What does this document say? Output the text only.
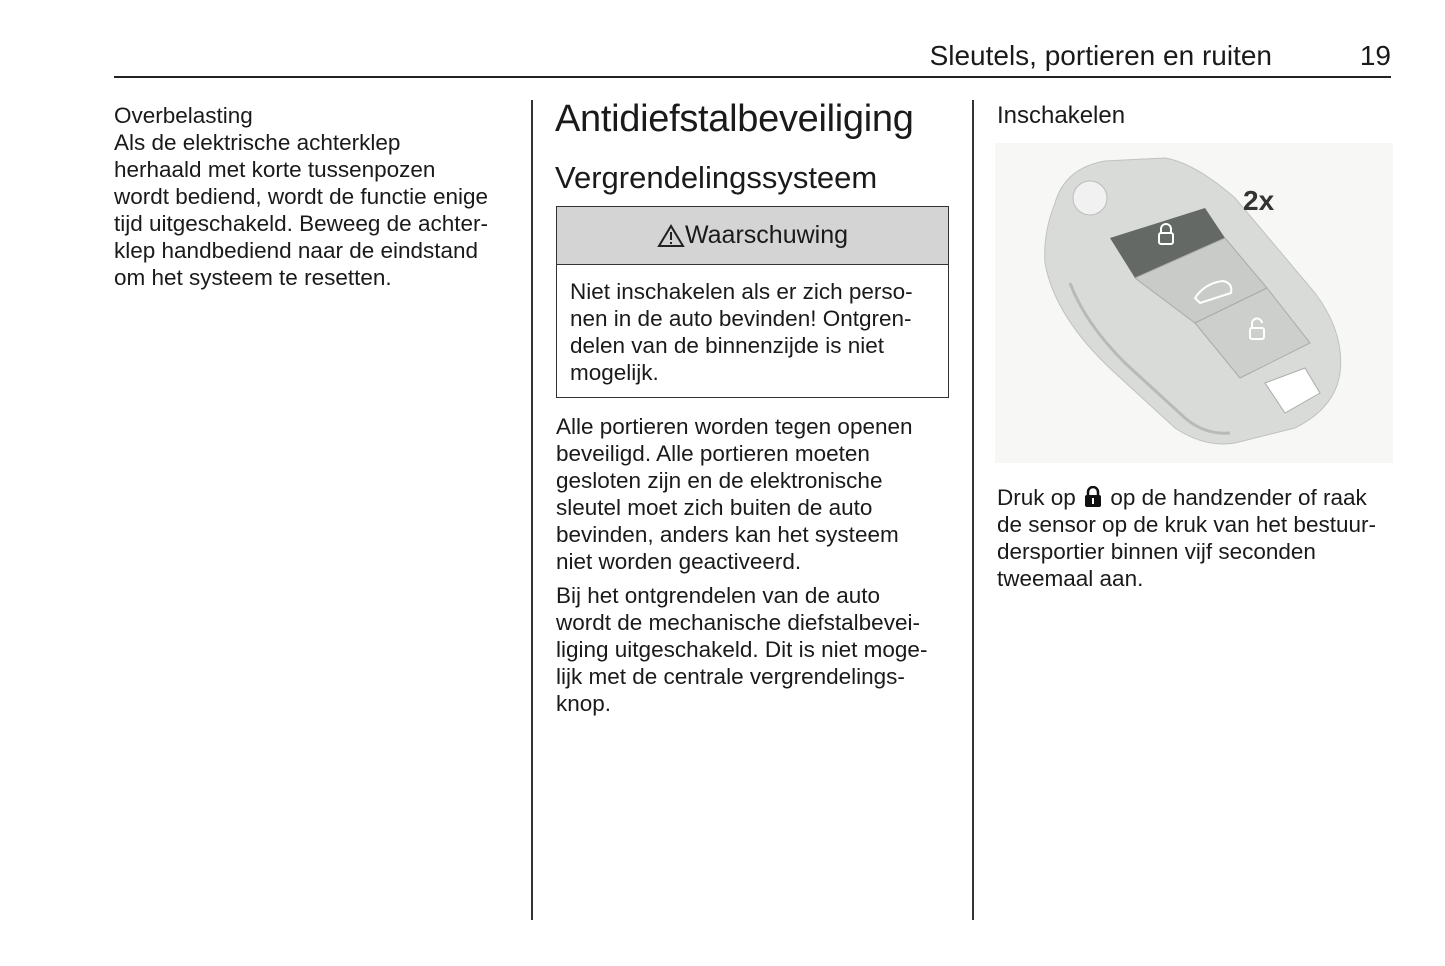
Sleutels, portieren en ruiten	19
Overbelasting
Als de elektrische achterklep
herhaald met korte tussenpozen
wordt bediend, wordt de functie enige
tijd uitgeschakeld. Beweeg de achter-
klep handbediend naar de eindstand
om het systeem te resetten.
Antidiefstalbeveiliging
Vergrendelingssysteem
Waarschuwing
Niet inschakelen als er zich perso-
nen in de auto bevinden! Ontgren-
delen van de binnenzijde is niet
mogelijk.
Alle portieren worden tegen openen
beveiligd. Alle portieren moeten
gesloten zijn en de elektronische
sleutel moet zich buiten de auto
bevinden, anders kan het systeem
niet worden geactiveerd.
Bij het ontgrendelen van de auto
wordt de mechanische diefstalbevei-
liging uitgeschakeld. Dit is niet moge-
lijk met de centrale vergrendelings-
knop.
Inschakelen
2x
Druk op op de handzender of raak
de sensor op de kruk van het bestuur-
dersportier binnen vijf seconden
tweemaal aan.
